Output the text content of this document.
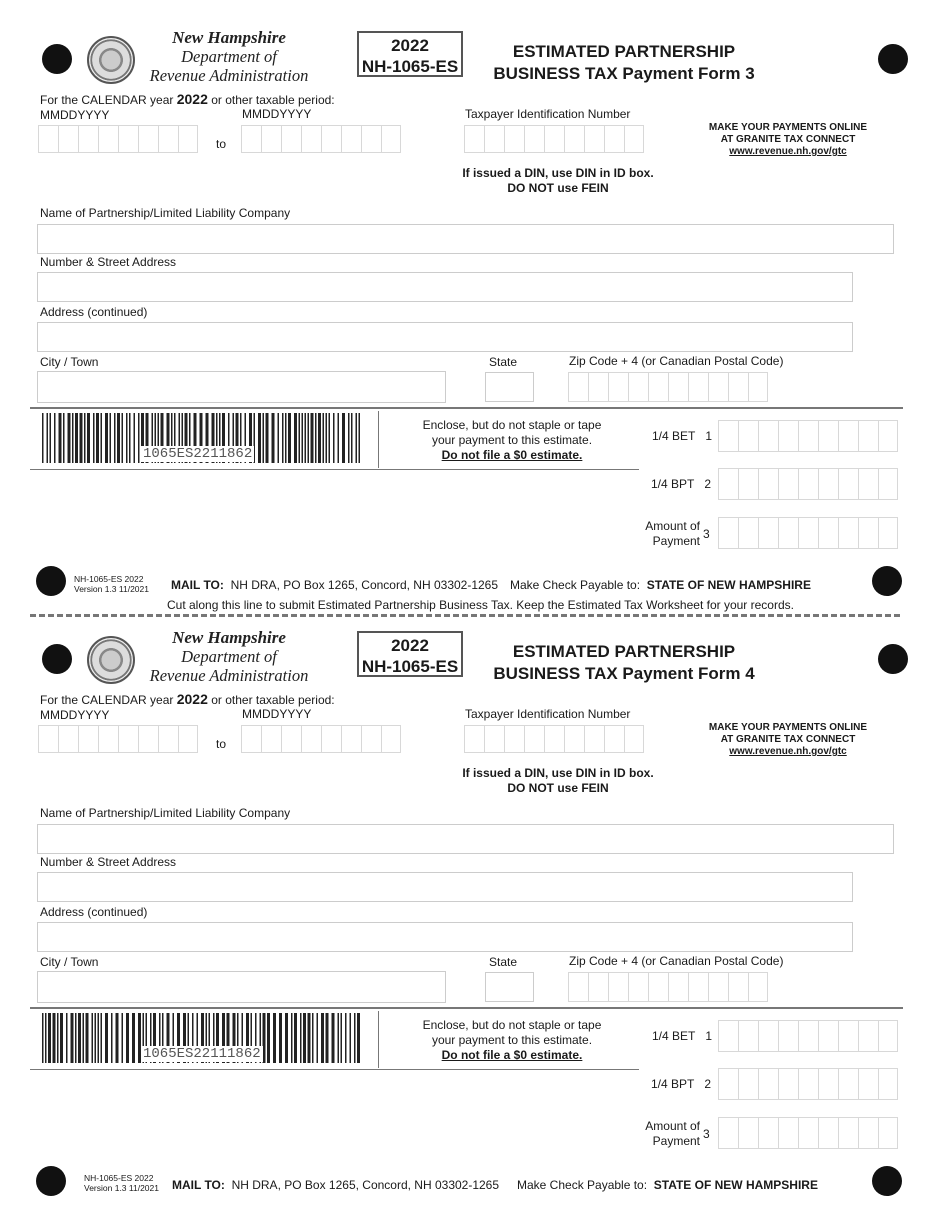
New Hampshire
Department of
Revenue Administration
2022
NH-1065-ES
ESTIMATED PARTNERSHIP
BUSINESS TAX Payment Form 3
For the CALENDAR year 2022 or other taxable period:
MMDDYYYY	MMDDYYYY
to
Taxpayer Identification Number
MAKE YOUR PAYMENTS ONLINE
AT GRANITE TAX CONNECT
www.revenue.nh.gov/gtc
If issued a DIN, use DIN in ID box.
DO NOT use FEIN
Name of Partnership/Limited Liability Company
Number & Street Address
Address (continued)
City / Town	State	Zip Code + 4 (or Canadian Postal Code)
1065ES2211862
Enclose, but do not staple or tape
your payment to this estimate.
Do not file a $0 estimate.
1/4 BET 1
1/4 BPT 2
Amount of
Payment 3
NH-1065-ES 2022
Version 1.3 11/2021 MAIL TO: NH DRA, PO Box 1265, Concord, NH 03302-1265 Make Check Payable to: STATE OF NEW HAMPSHIRE
New Hampshire
Department of
Revenue Administration
2022
NH-1065-ES
ESTIMATED PARTNERSHIP
BUSINESS TAX Payment Form 4
For the CALENDAR year 2022 or other taxable period:
MMDDYYYY	MMDDYYYY
to
Taxpayer Identification Number
MAKE YOUR PAYMENTS ONLINE
AT GRANITE TAX CONNECT
www.revenue.nh.gov/gtc
If issued a DIN, use DIN in ID box.
DO NOT use FEIN
Name of Partnership/Limited Liability Company
Number & Street Address
Address (continued)
City / Town	State	Zip Code + 4 (or Canadian Postal Code)
1065ES22111862
Enclose, but do not staple or tape
your payment to this estimate.
Do not file a $0 estimate.
1/4 BET 1
1/4 BPT 2
Amount of
Payment 3
NH-1065-ES 2022
Version 1.3 11/2021 MAIL TO: NH DRA, PO Box 1265, Concord, NH 03302-1265 Make Check Payable to: STATE OF NEW HAMPSHIRE
Cut along this line to submit Estimated Partnership Business Tax. Keep the Estimated Tax Worksheet for your records.
